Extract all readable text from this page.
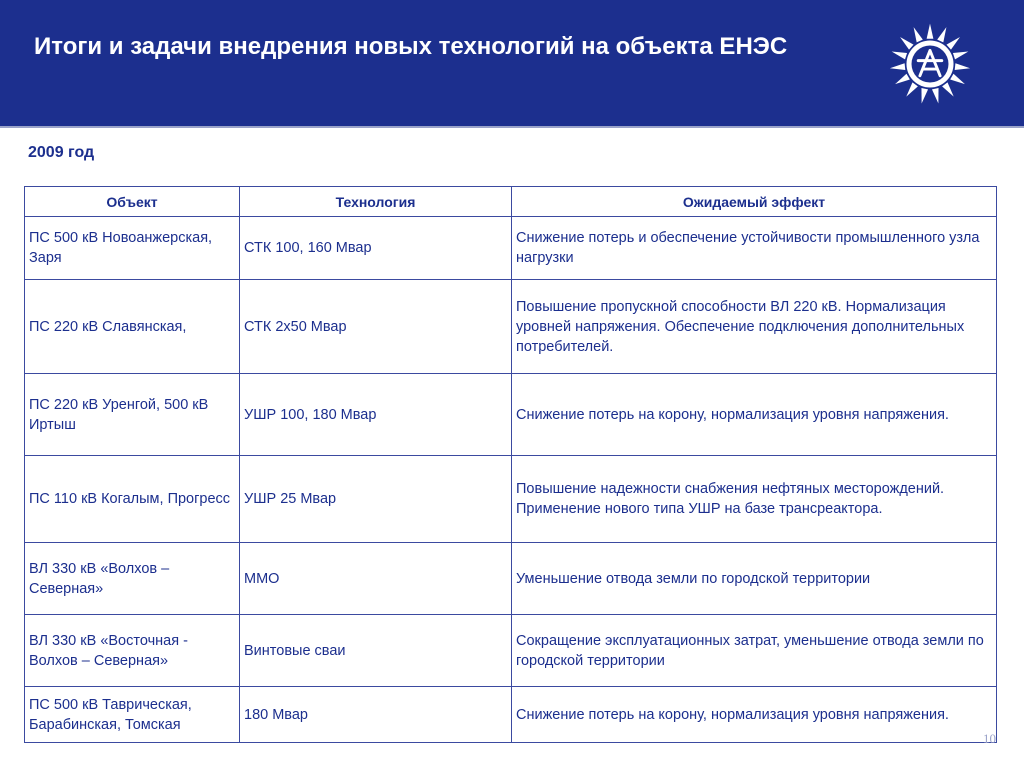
Итоги и задачи внедрения новых технологий на объекта ЕНЭС
2009 год
Объект	Технология	Ожидаемый эффект
ПС 500 кВ Новоанжерская, Заря	СТК 100, 160 Мвар	Снижение потерь и обеспечение устойчивости промышленного узла нагрузки
ПС 220 кВ Славянская,	СТК 2х50 Мвар	Повышение пропускной способности ВЛ 220 кВ. Нормализация уровней напряжения. Обеспечение подключения дополнительных потребителей.
ПС 220 кВ Уренгой, 500 кВ Иртыш	УШР 100, 180 Мвар	Снижение потерь на корону, нормализация уровня напряжения.
ПС 110 кВ Когалым, Прогресс	УШР 25 Мвар	Повышение надежности снабжения нефтяных месторождений. Применение нового типа УШР на базе трансреактора.
ВЛ 330 кВ «Волхов – Северная»	ММО	Уменьшение отвода земли по городской территории
ВЛ 330 кВ «Восточная - Волхов – Северная»	Винтовые сваи	Сокращение эксплуатационных затрат, уменьшение отвода земли по городской территории
ПС 500 кВ Таврическая, Барабинская, Томская	180 Мвар	Снижение потерь на корону, нормализация уровня напряжения.
10
